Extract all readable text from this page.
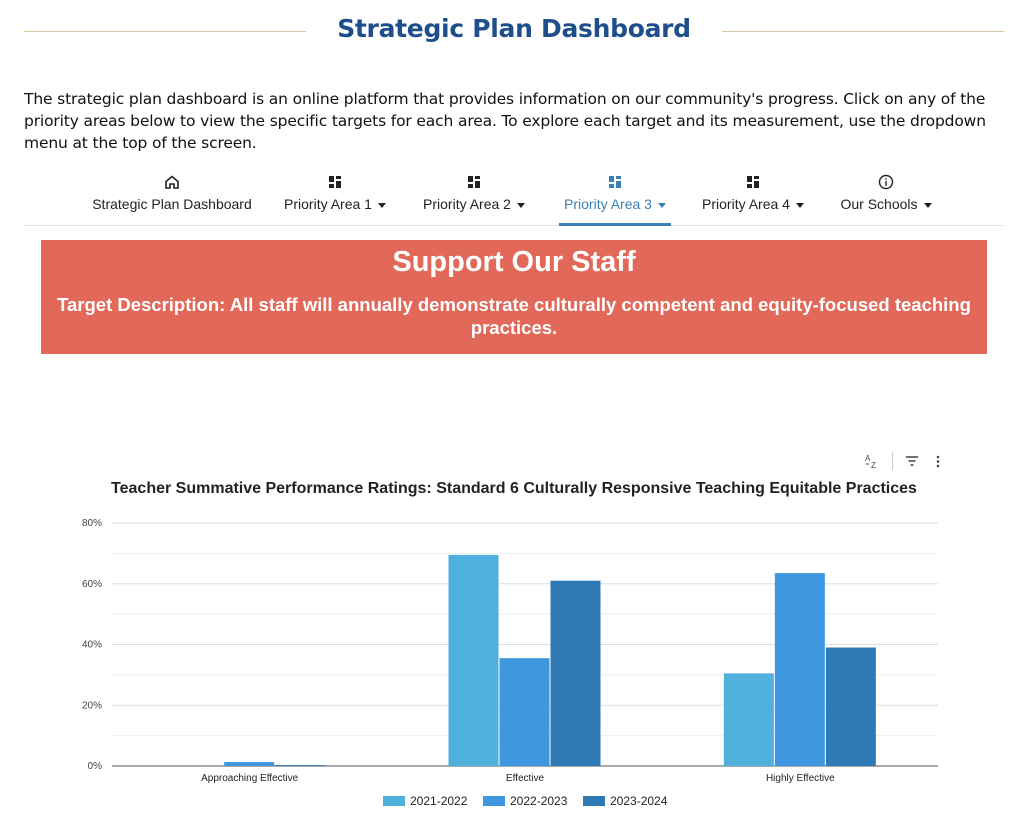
Strategic Plan Dashboard

The strategic plan dashboard is an online platform that provides information on our community's progress. Click on any of the priority areas below to view the specific targets for each area. To explore each target and its measurement, use the dropdown menu at the top of the screen.

Strategic Plan Dashboard	Priority Area 1	Priority Area 2	Priority Area 3	Priority Area 4	Our Schools
Support Our Staff
Target Description: All staff will annually demonstrate culturally competent and equity-focused teaching practices.
A
Z
Teacher Summative Performance Ratings: Standard 6 Culturally Responsive Teaching Equitable Practices
0%
20%
40%
60%
80%
Approaching Effective	Effective	Highly Effective
2021-2022	2022-2023	2023-2024
